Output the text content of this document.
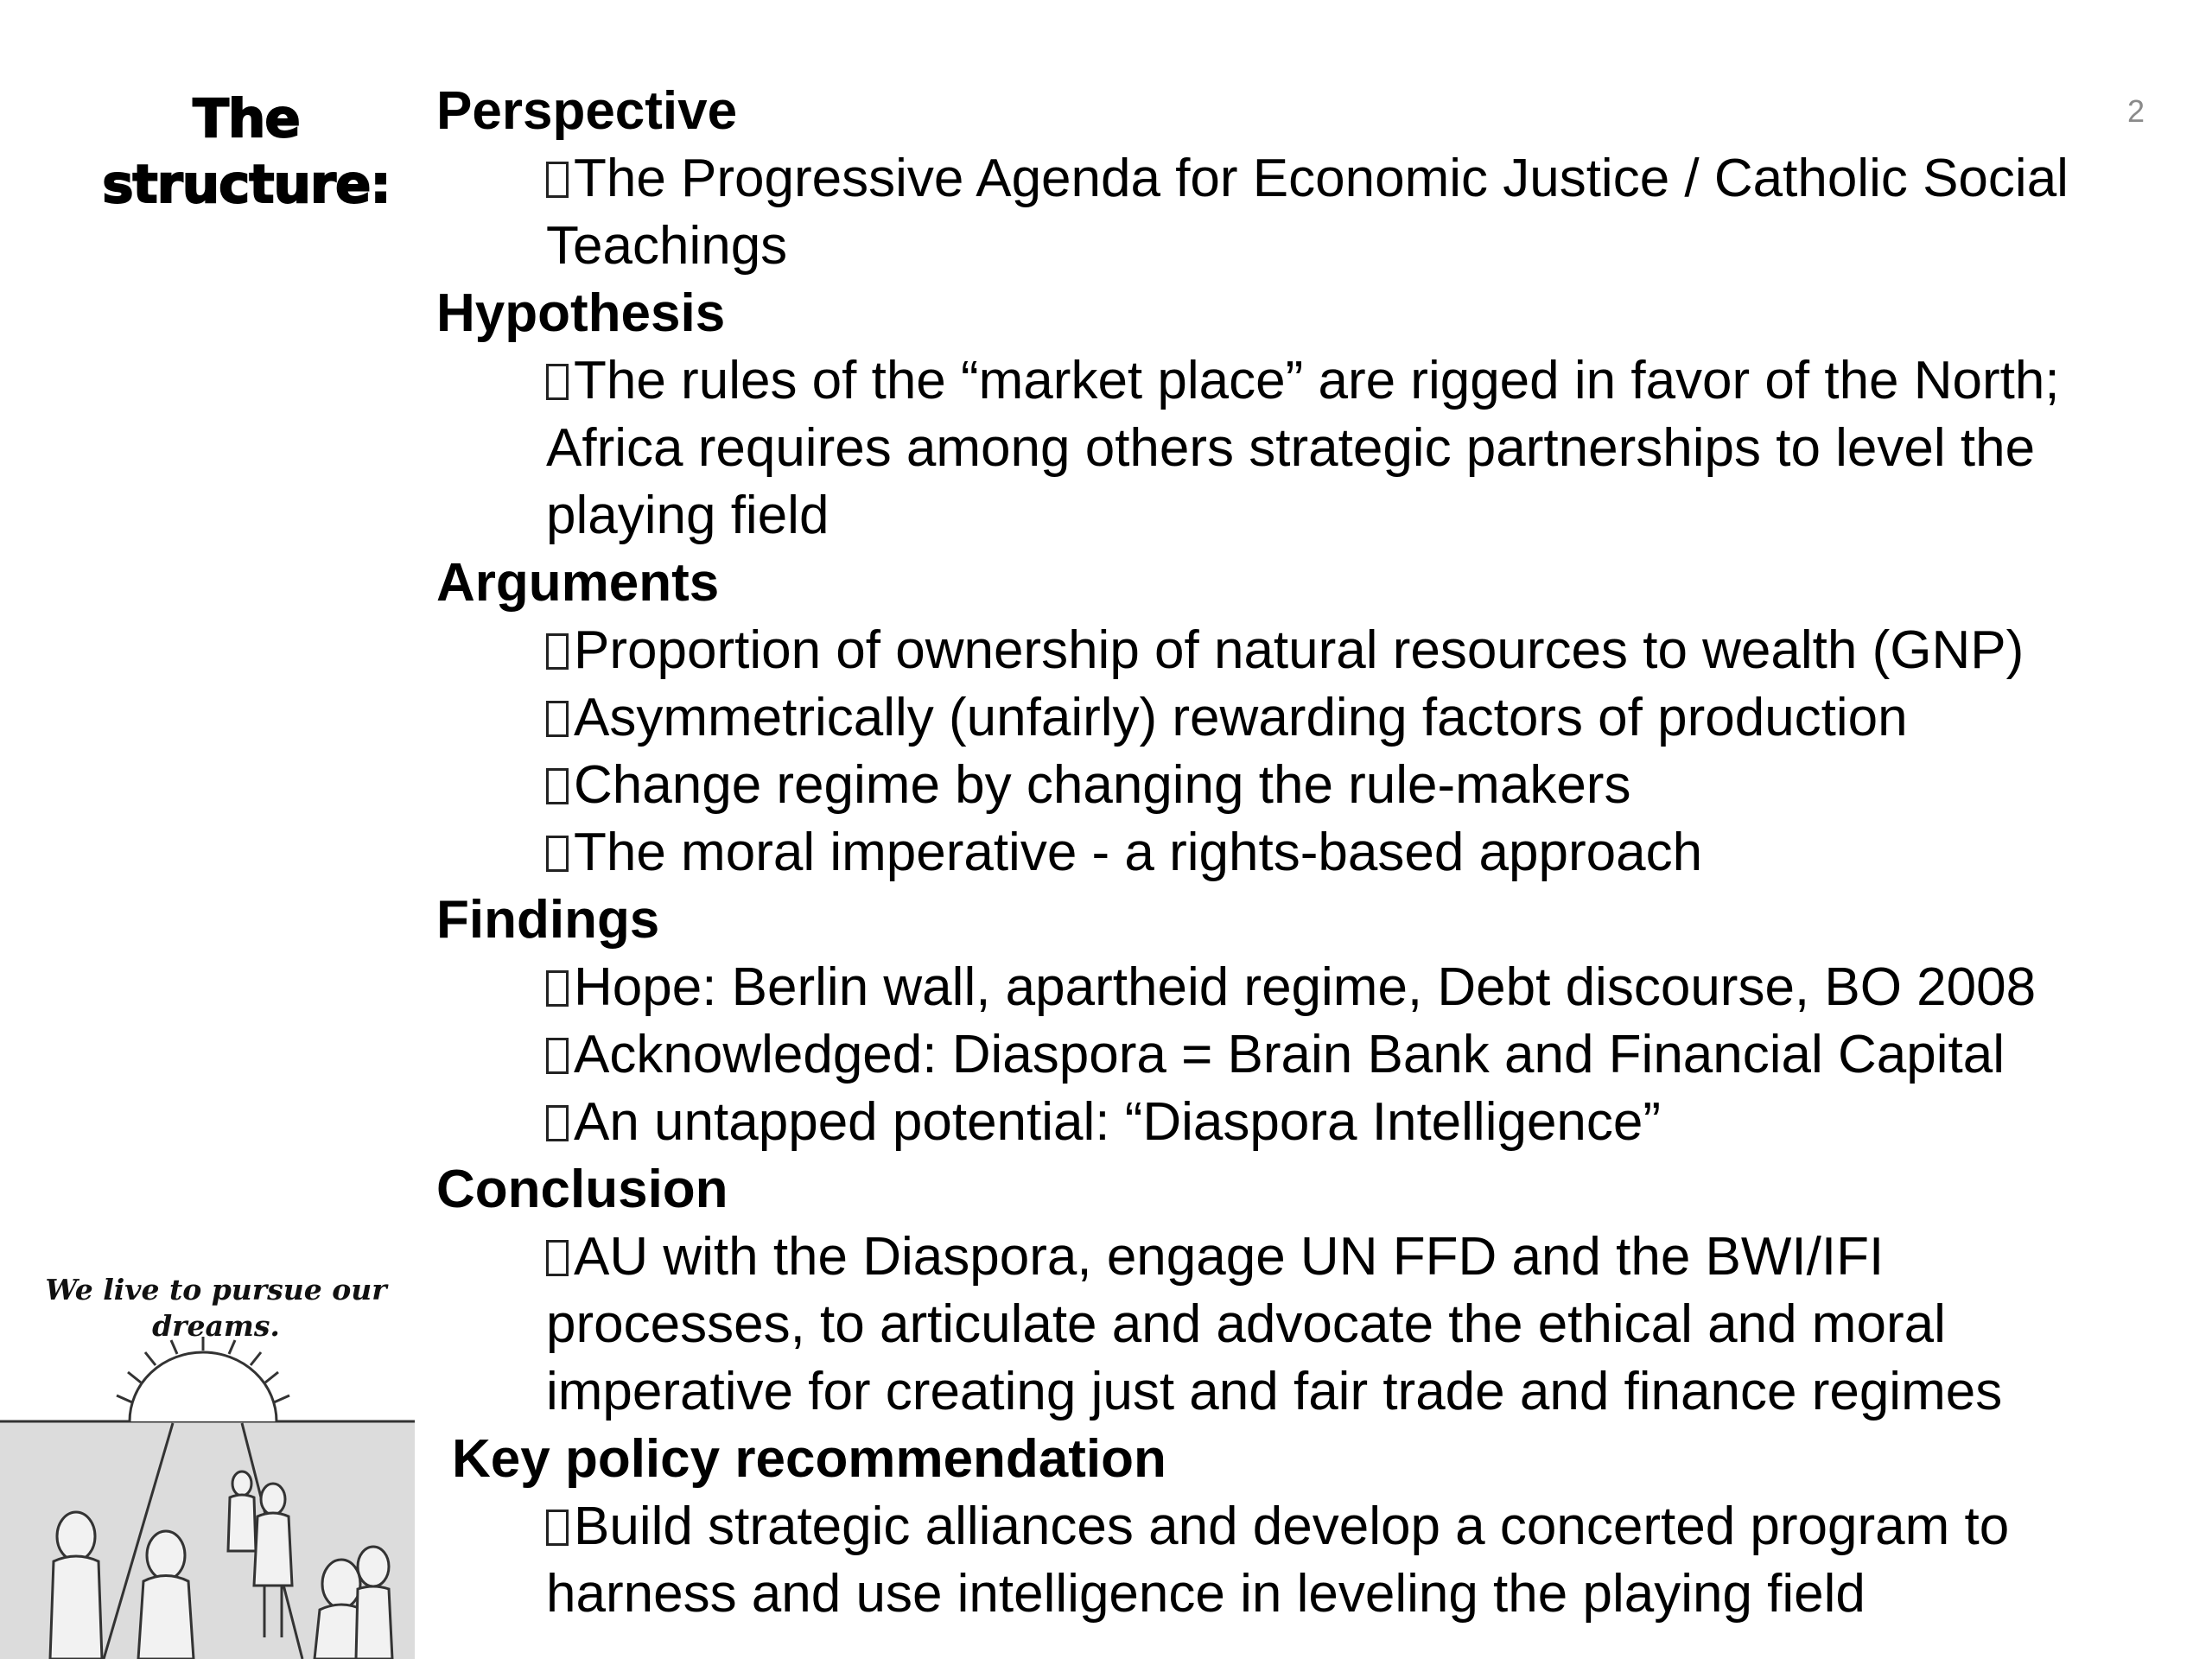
The structure:
2
Perspective
The Progressive Agenda for Economic Justice / Catholic Social Teachings
Hypothesis
The rules of the “market place” are rigged in favor of the North; Africa requires among others strategic partnerships to level the playing field
Arguments
Proportion of ownership of natural resources to wealth (GNP)
Asymmetrically (unfairly) rewarding factors of production
Change regime by changing the rule-makers
The moral imperative - a rights-based approach
Findings
Hope: Berlin wall, apartheid regime, Debt discourse, BO 2008
Acknowledged: Diaspora = Brain Bank and Financial Capital
An untapped potential: “Diaspora Intelligence”
Conclusion
AU with the Diaspora, engage UN FFD and the BWI/IFI processes, to articulate and advocate the ethical and moral imperative for creating just and fair trade and finance regimes
Key policy recommendation
Build strategic alliances and develop a concerted program to harness and use intelligence in leveling the playing field
We live to pursue our dreams.
